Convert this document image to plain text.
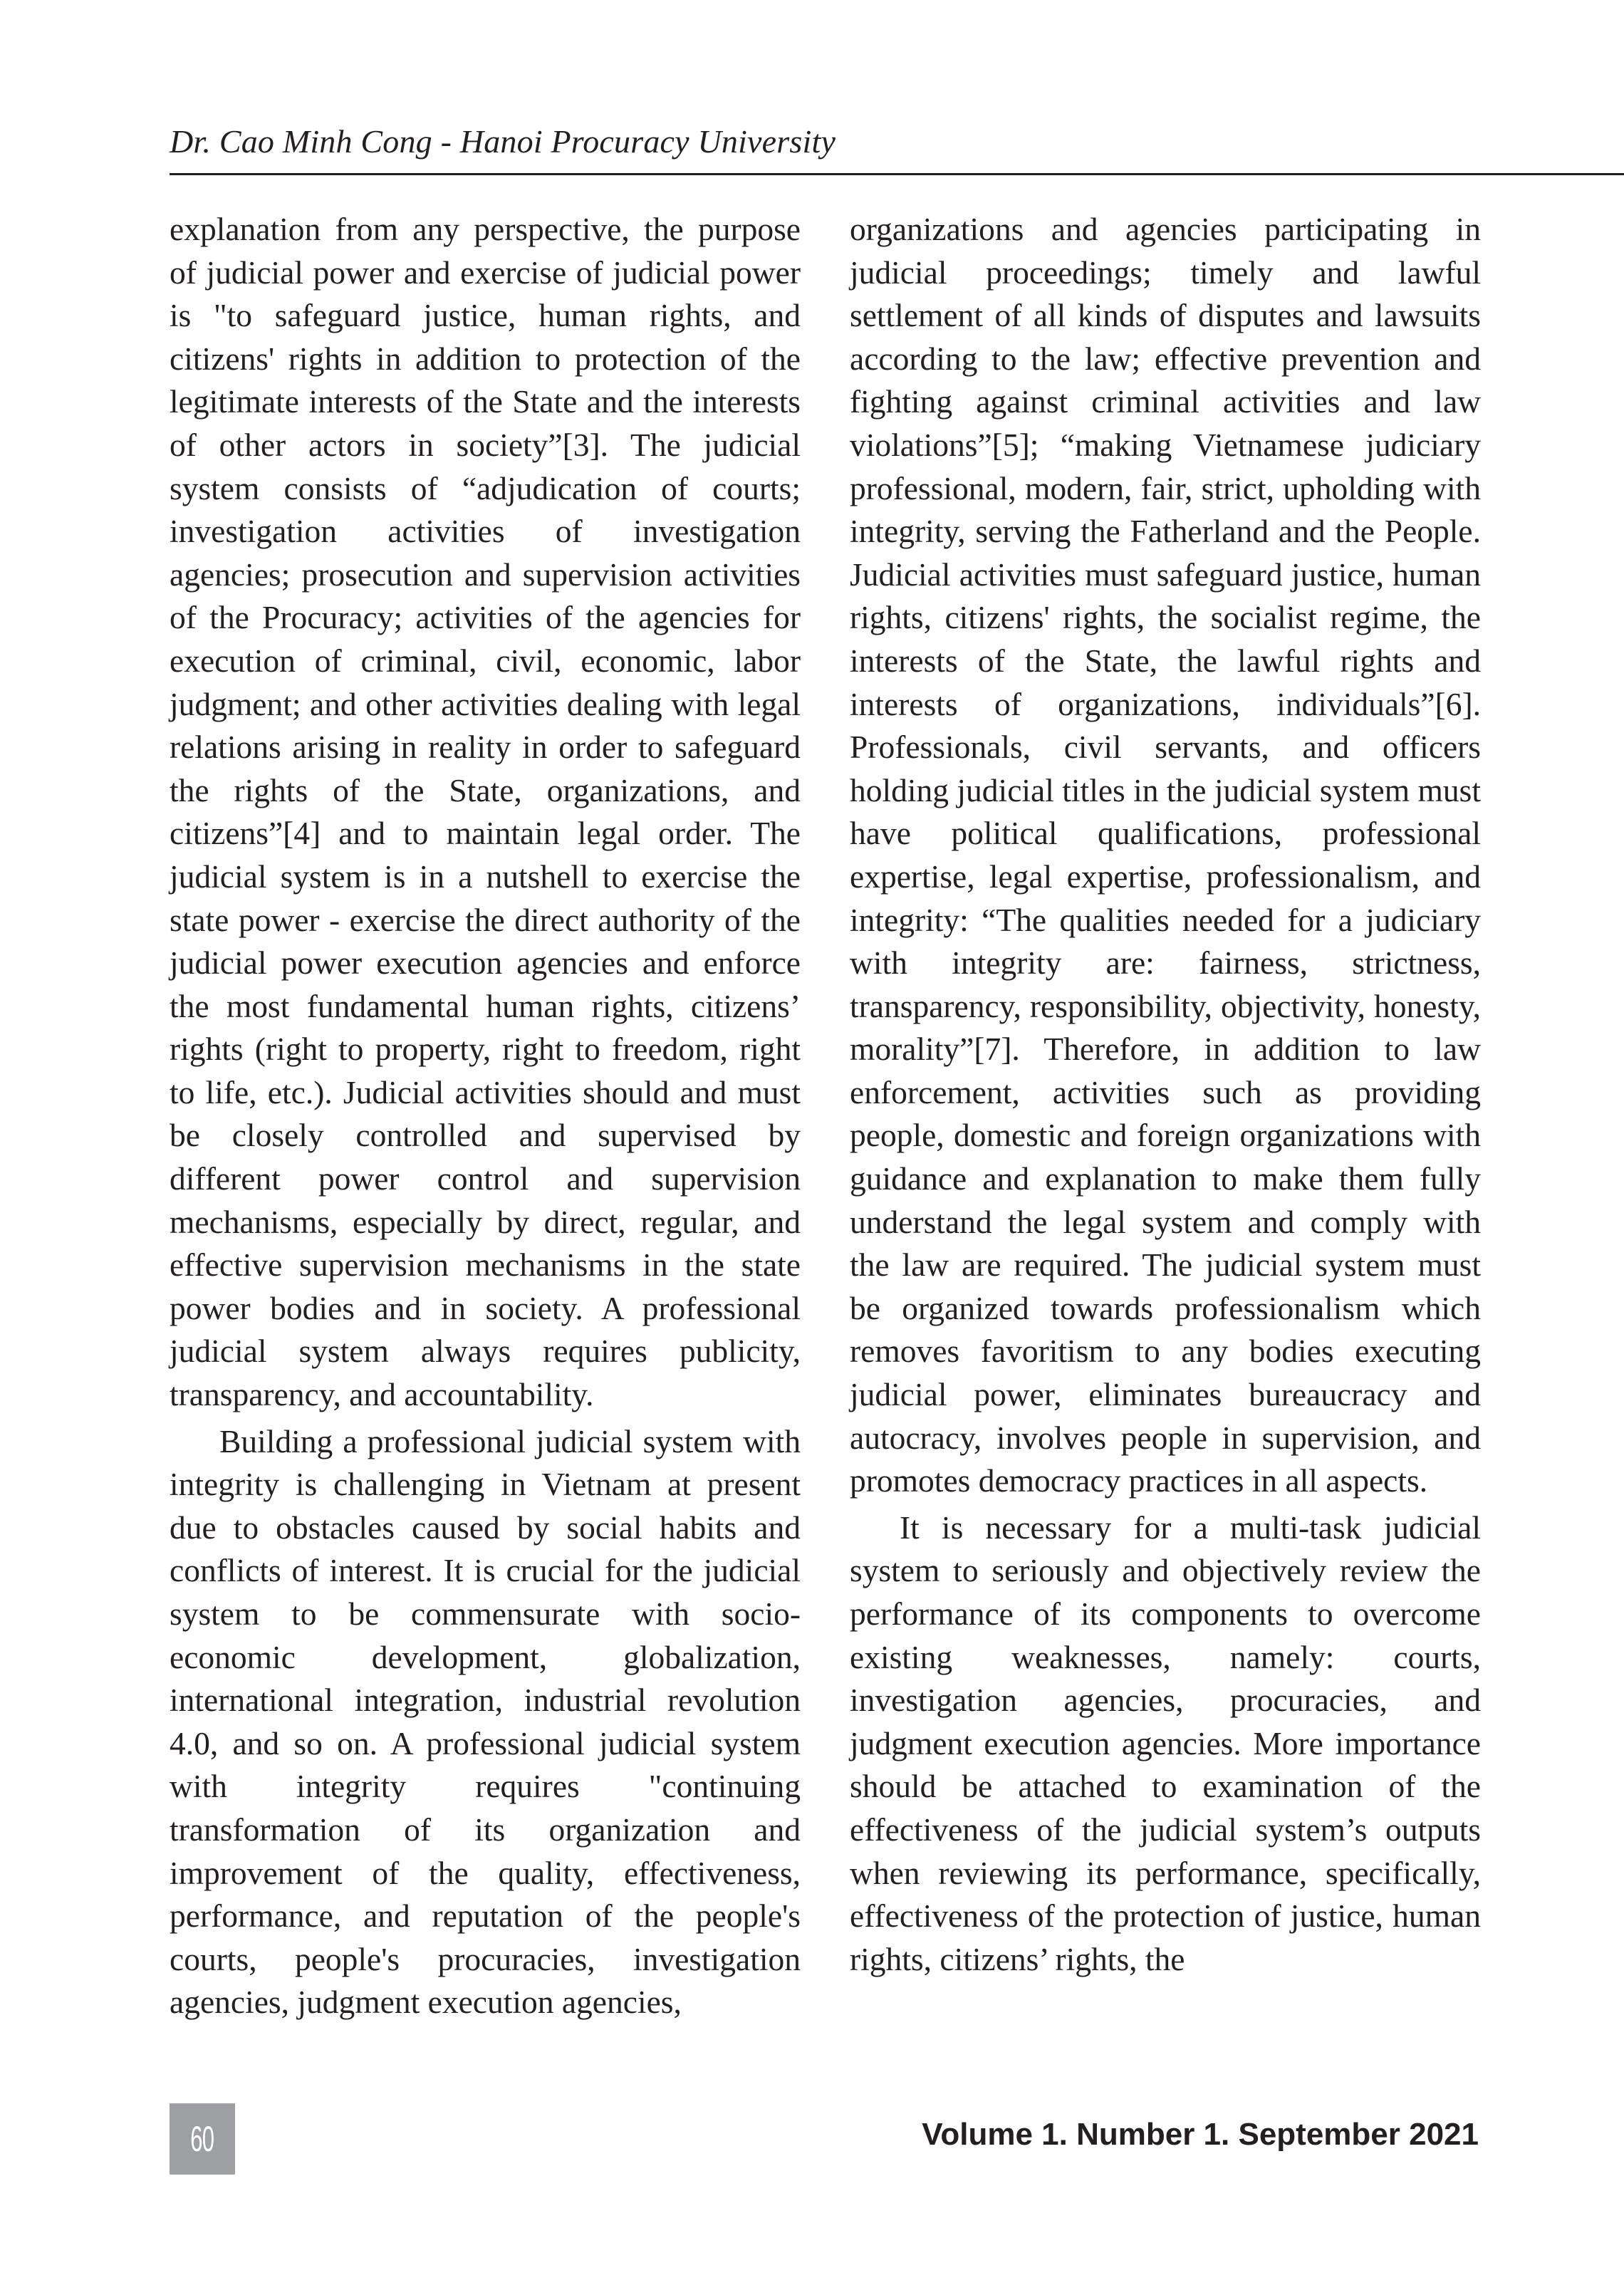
Dr. Cao Minh Cong - Hanoi Procuracy University

explanation from any perspective, the purpose of judicial power and exercise of judicial power is "to safeguard justice, human rights, and citizens' rights in addition to protection of the legitimate interests of the State and the interests of other actors in society”[3]. The judicial system consists of “adjudication of courts; investigation activities of investigation agencies; prosecution and supervision activities of the Procuracy; activities of the agencies for execution of criminal, civil, economic, labor judgment; and other activities dealing with legal relations arising in reality in order to safeguard the rights of the State, organizations, and citizens”[4] and to maintain legal order. The judicial system is in a nutshell to exercise the state power - exercise the direct authority of the judicial power execution agencies and enforce the most fundamental human rights, citizens’ rights (right to property, right to freedom, right to life, etc.). Judicial activities should and must be closely controlled and supervised by different power control and supervision mechanisms, especially by direct, regular, and effective supervision mechanisms in the state power bodies and in society. A professional judicial system always requires publicity, transparency, and accountability.

Building a professional judicial system with integrity is challenging in Vietnam at present due to obstacles caused by social habits and conflicts of interest. It is crucial for the judicial system to be commensurate with socio-economic development, globalization, international integration, industrial revolution 4.0, and so on. A professional judicial system with integrity requires "continuing transformation of its organization and improvement of the quality, effectiveness, performance, and reputation of the people's courts, people's procuracies, investigation agencies, judgment execution agencies,

organizations and agencies participating in judicial proceedings; timely and lawful settlement of all kinds of disputes and lawsuits according to the law; effective prevention and fighting against criminal activities and law violations”[5]; “making Vietnamese judiciary professional, modern, fair, strict, upholding with integrity, serving the Fatherland and the People. Judicial activities must safeguard justice, human rights, citizens' rights, the socialist regime, the interests of the State, the lawful rights and interests of organizations, individuals”[6]. Professionals, civil servants, and officers holding judicial titles in the judicial system must have political qualifications, professional expertise, legal expertise, professionalism, and integrity: “The qualities needed for a judiciary with integrity are: fairness, strictness, transparency, responsibility, objectivity, honesty, morality”[7]. Therefore, in addition to law enforcement, activities such as providing people, domestic and foreign organizations with guidance and explanation to make them fully understand the legal system and comply with the law are required. The judicial system must be organized towards professionalism which removes favoritism to any bodies executing judicial power, eliminates bureaucracy and autocracy, involves people in supervision, and promotes democracy practices in all aspects.

It is necessary for a multi-task judicial system to seriously and objectively review the performance of its components to overcome existing weaknesses, namely: courts, investigation agencies, procuracies, and judgment execution agencies. More importance should be attached to examination of the effectiveness of the judicial system’s outputs when reviewing its performance, specifically, effectiveness of the protection of justice, human rights, citizens’ rights, the

60	Volume 1. Number 1. September 2021
